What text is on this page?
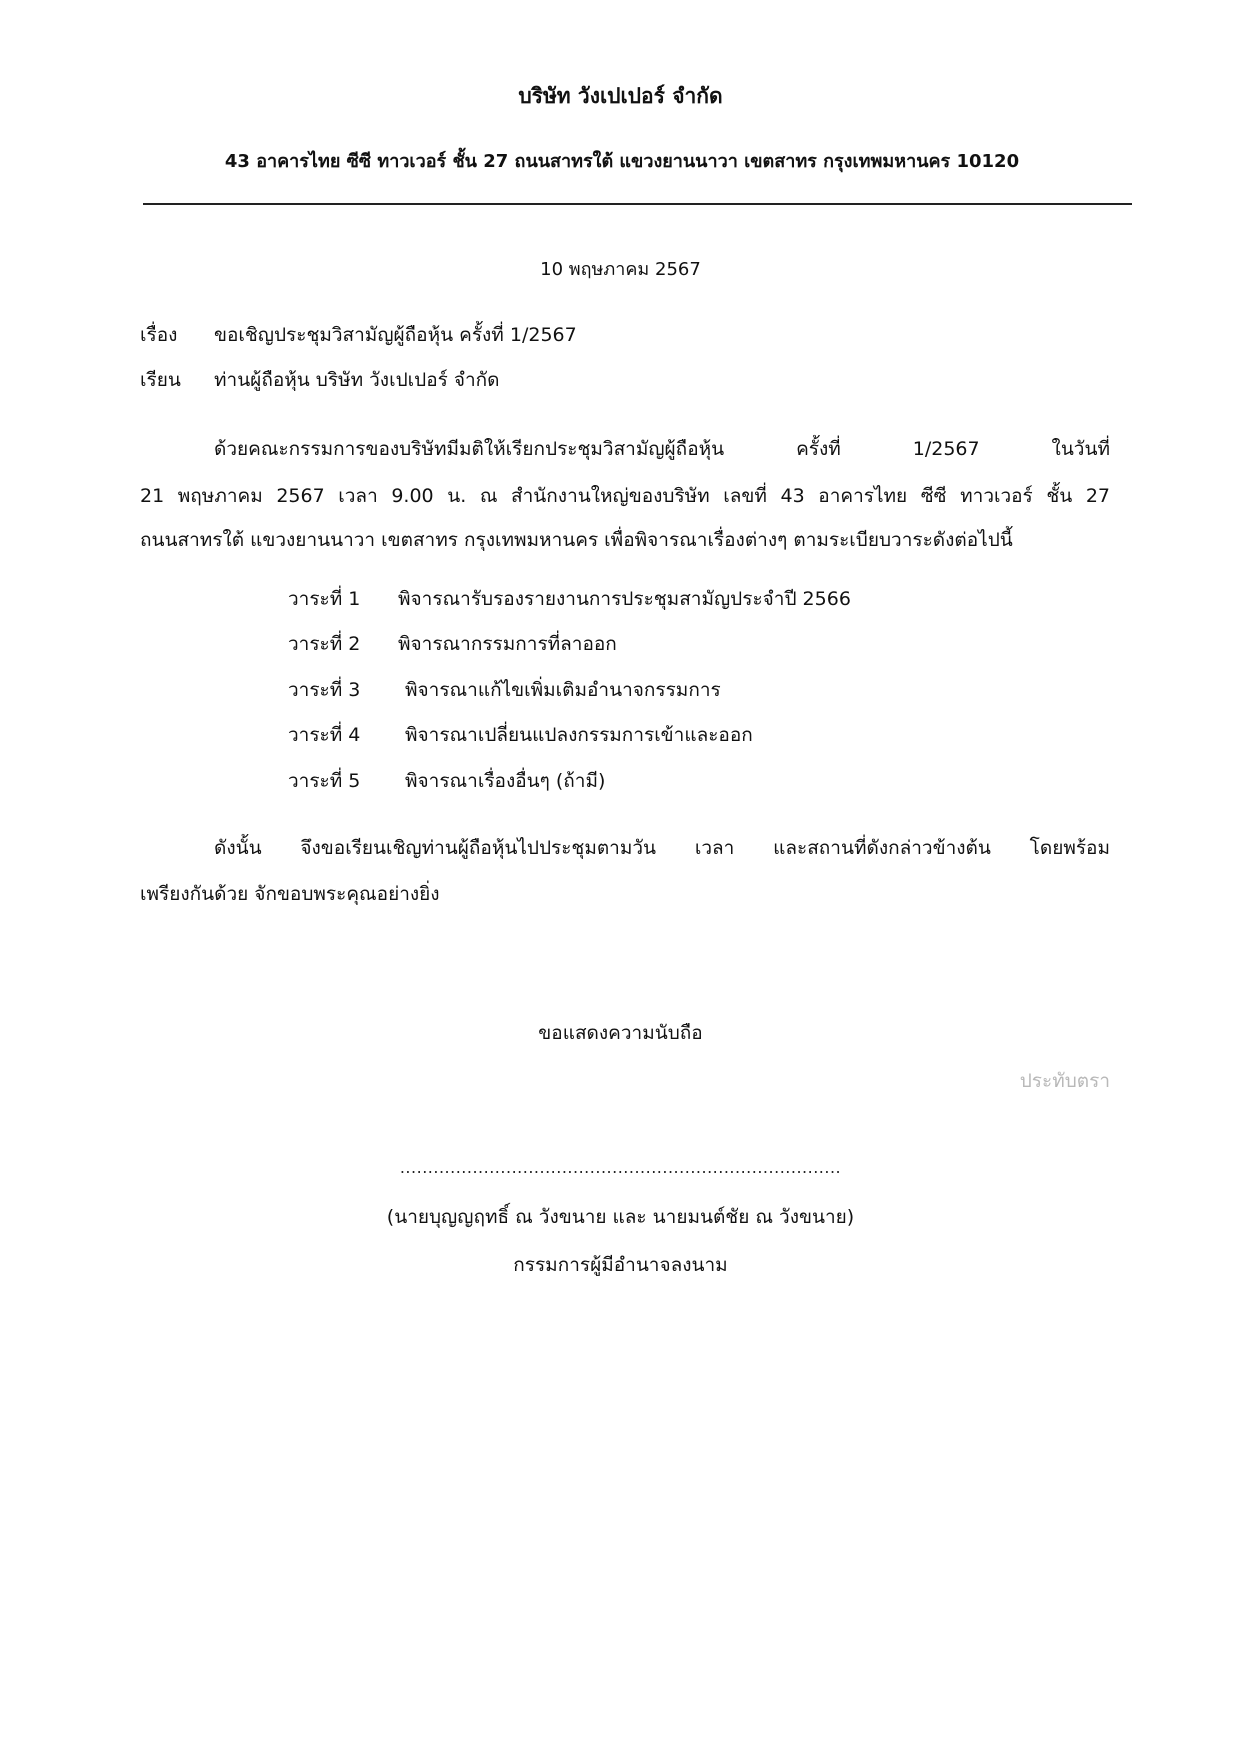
บริษัท วังเปเปอร์ จำกัด
43 อาคารไทย ซีซี ทาวเวอร์ ชั้น 27 ถนนสาทรใต้ แขวงยานนาวา เขตสาทร กรุงเทพมหานคร 10120
10 พฤษภาคม 2567
เรื่อง ขอเชิญประชุมวิสามัญผู้ถือหุ้น ครั้งที่ 1/2567
เรียน ท่านผู้ถือหุ้น บริษัท วังเปเปอร์ จำกัด
ด้วยคณะกรรมการของบริษัทมีมติให้เรียกประชุมวิสามัญผู้ถือหุ้น ครั้งที่ 1/2567 ในวันที่
21 พฤษภาคม 2567 เวลา 9.00 น. ณ สำนักงานใหญ่ของบริษัท เลขที่ 43 อาคารไทย ซีซี ทาวเวอร์ ชั้น 27
ถนนสาทรใต้ แขวงยานนาวา เขตสาทร กรุงเทพมหานคร เพื่อพิจารณาเรื่องต่างๆ ตามระเบียบวาระดังต่อไปนี้
วาระที่ 1 พิจารณารับรองรายงานการประชุมสามัญประจำปี 2566
วาระที่ 2 พิจารณากรรมการที่ลาออก
วาระที่ 3 พิจารณาแก้ไขเพิ่มเติมอำนาจกรรมการ
วาระที่ 4 พิจารณาเปลี่ยนแปลงกรรมการเข้าและออก
วาระที่ 5 พิจารณาเรื่องอื่นๆ (ถ้ามี)
ดังนั้น จึงขอเรียนเชิญท่านผู้ถือหุ้นไปประชุมตามวัน เวลา และสถานที่ดังกล่าวข้างต้น โดยพร้อม
เพรียงกันด้วย จักขอบพระคุณอย่างยิ่ง
ขอแสดงความนับถือ
ประทับตรา
...............................................................................
(นายบุญญฤทธิ์ ณ วังขนาย และ นายมนต์ชัย ณ วังขนาย)
กรรมการผู้มีอำนาจลงนาม
